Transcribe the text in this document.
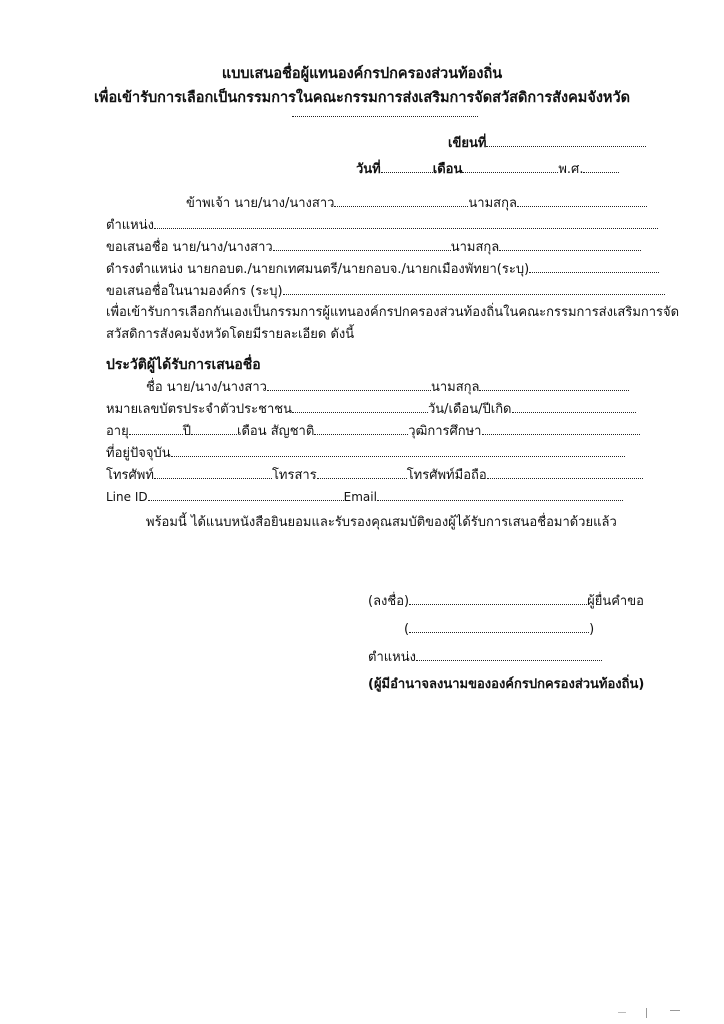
แบบเสนอชื่อผู้แทนองค์กรปกครองส่วนท้องถิ่น
เพื่อเข้ารับการเลือกเป็นกรรมการในคณะกรรมการส่งเสริมการจัดสวัสดิการสังคมจังหวัด
เขียนที่
วันที่	เดือน	พ.ศ.
ข้าพเจ้า นาย/นาง/นางสาว	นามสกุล
ตำแหน่ง
ขอเสนอชื่อ นาย/นาง/นางสาว	นามสกุล
ดำรงตำแหน่ง นายกอบต./นายกเทศมนตรี/นายกอบจ./นายกเมืองพัทยา(ระบุ)
ขอเสนอชื่อในนามองค์กร (ระบุ)
เพื่อเข้ารับการเลือกกันเองเป็นกรรมการผู้แทนองค์กรปกครองส่วนท้องถิ่นในคณะกรรมการส่งเสริมการจัด
สวัสดิการสังคมจังหวัดโดยมีรายละเอียด ดังนี้
ประวัติผู้ได้รับการเสนอชื่อ
ชื่อ นาย/นาง/นางสาว	นามสกุล
หมายเลขบัตรประจำตัวประชาชน	วัน/เดือน/ปีเกิด
อายุ	ปี	เดือน สัญชาติ	วุฒิการศึกษา
ที่อยู่ปัจจุบัน
โทรศัพท์	โทรสาร	โทรศัพท์มือถือ
Line ID	Email
พร้อมนี้ ได้แนบหนังสือยินยอมและรับรองคุณสมบัติของผู้ได้รับการเสนอชื่อมาด้วยแล้ว
(ลงชื่อ)	ผู้ยื่นคำขอ
(	)
ตำแหน่ง
(ผู้มีอำนาจลงนามขององค์กรปกครองส่วนท้องถิ่น)
